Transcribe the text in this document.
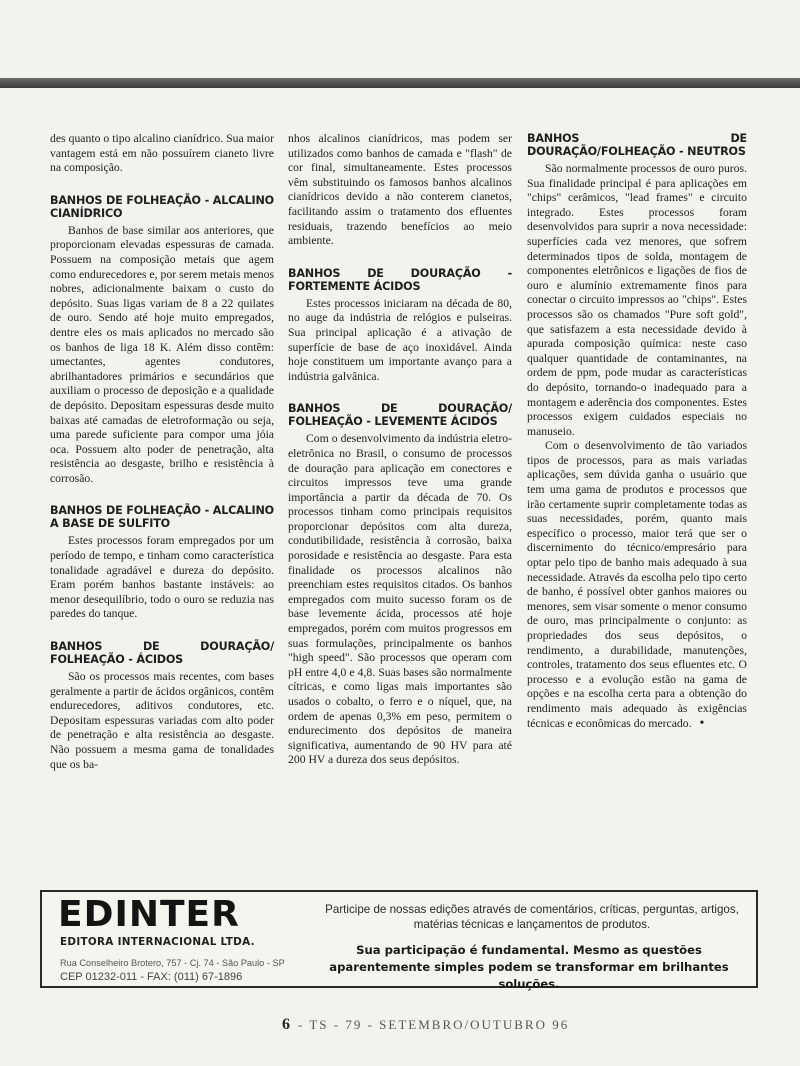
des quanto o tipo alcalino cianídrico. Sua maior vantagem está em não possuírem cianeto livre na composição.

BANHOS DE FOLHEAÇÃO - ALCALINO CIANÍDRICO

Banhos de base similar aos anteriores, que proporcionam elevadas espessuras de camada. Possuem na composição metais que agem como endurecedores e, por serem metais menos nobres, adicionalmente baixam o custo do depósito. Suas ligas variam de 8 a 22 quilates de ouro. Sendo até hoje muito empregados, dentre eles os mais aplicados no mercado são os banhos de liga 18 K. Além disso contêm: umectantes, agentes condutores, abrilhantadores primários e secundários que auxiliam o processo de deposição e a qualidade de depósito. Depositam espessuras desde muito baixas até camadas de eletroformação ou seja, uma parede suficiente para compor uma jóia oca. Possuem alto poder de penetração, alta resistência ao desgaste, brilho e resistência à corrosão.

BANHOS DE FOLHEAÇÃO - ALCALINO A BASE DE SULFITO

Estes processos foram empregados por um período de tempo, e tinham como característica tonalidade agradável e dureza do depósito. Eram porém banhos bastante instáveis: ao menor desequilíbrio, todo o ouro se reduzia nas paredes do tanque.

BANHOS DE DOURAÇÃO/ FOLHEAÇÃO - ÁCIDOS

São os processos mais recentes, com bases geralmente a partir de ácidos orgânicos, contêm endurecedores, aditivos condutores, etc. Depositam espessuras variadas com alto poder de penetração e alta resistência ao desgaste. Não possuem a mesma gama de tonalidades que os ba-

nhos alcalinos cianídricos, mas podem ser utilizados como banhos de camada e "flash" de cor final, simultaneamente. Estes processos vêm substituindo os famosos banhos alcalinos cianídricos devido a não conterem cianetos, facilitando assim o tratamento dos efluentes residuais, trazendo benefícios ao meio ambiente.

BANHOS DE DOURAÇÃO - FORTEMENTE ÁCIDOS

Estes processos iniciaram na década de 80, no auge da indústria de relógios e pulseiras. Sua principal aplicação é a ativação de superfície de base de aço inoxidável. Ainda hoje constituem um importante avanço para a indústria galvânica.

BANHOS DE DOURAÇÃO/ FOLHEAÇÃO - LEVEMENTE ÁCIDOS

Com o desenvolvimento da indústria eletro-eletrônica no Brasil, o consumo de processos de douração para aplicação em conectores e circuitos impressos teve uma grande importância a partir da década de 70. Os processos tinham como principais requisitos proporcionar depósitos com alta dureza, condutibilidade, resistência à corrosão, baixa porosidade e resistência ao desgaste. Para esta finalidade os processos alcalinos não preenchiam estes requisitos citados. Os banhos empregados com muito sucesso foram os de base levemente ácida, processos até hoje empregados, porém com muitos progressos em suas formulações, principalmente os banhos "high speed". São processos que operam com pH entre 4,0 e 4,8. Suas bases são normalmente cítricas, e como ligas mais importantes são usados o cobalto, o ferro e o níquel, que, na ordem de apenas 0,3% em peso, permitem o endurecimento dos depósitos de maneira significativa, aumentando de 90 HV para até 200 HV a dureza dos seus depósitos.

BANHOS DE DOURAÇÃO/FOLHEAÇÃO - NEUTROS

São normalmente processos de ouro puros. Sua finalidade principal é para aplicações em "chips" cerâmicos, "lead frames" e circuito integrado. Estes processos foram desenvolvidos para suprir a nova necessidade: superfícies cada vez menores, que sofrem determinados tipos de solda, montagem de componentes eletrônicos e ligações de fios de ouro e alumínio extremamente finos para conectar o circuito impressos ao "chips". Estes processos são os chamados "Pure soft gold", que satisfazem a esta necessidade devido à apurada composição química: neste caso qualquer quantidade de contaminantes, na ordem de ppm, pode mudar as características do depósito, tornando-o inadequado para a montagem e aderência dos componentes. Estes processos exigem cuidados especiais no manuseio.

Com o desenvolvimento de tão variados tipos de processos, para as mais variadas aplicações, sem dúvida ganha o usuário que tem uma gama de produtos e processos que irão certamente suprir completamente todas as suas necessidades, porém, quanto mais específico o processo, maior terá que ser o discernimento do técnico/empresário para optar pelo tipo de banho mais adequado à sua necessidade. Através da escolha pelo tipo certo de banho, é possível obter ganhos maiores ou menores, sem visar somente o menor consumo de ouro, mas principalmente o conjunto: as propriedades dos seus depósitos, o rendimento, a durabilidade, manutenções, controles, tratamento dos seus efluentes etc. O processo e a evolução estão na gama de opções e na escolha certa para a obtenção do rendimento mais adequado às exigências técnicas e econômicas do mercado. •

EDINTER
EDITORA INTERNACIONAL LTDA.
Rua Conselheiro Brotero, 757 - Cj. 74 - São Paulo - SP
CEP 01232-011 - FAX: (011) 67-1896
Participe de nossas edições através de comentários, críticas, perguntas, artigos, matérias técnicas e lançamentos de produtos.
Sua participação é fundamental. Mesmo as questões aparentemente simples podem se transformar em brilhantes soluções.
6 - TS - 79 - SETEMBRO/OUTUBRO 96
